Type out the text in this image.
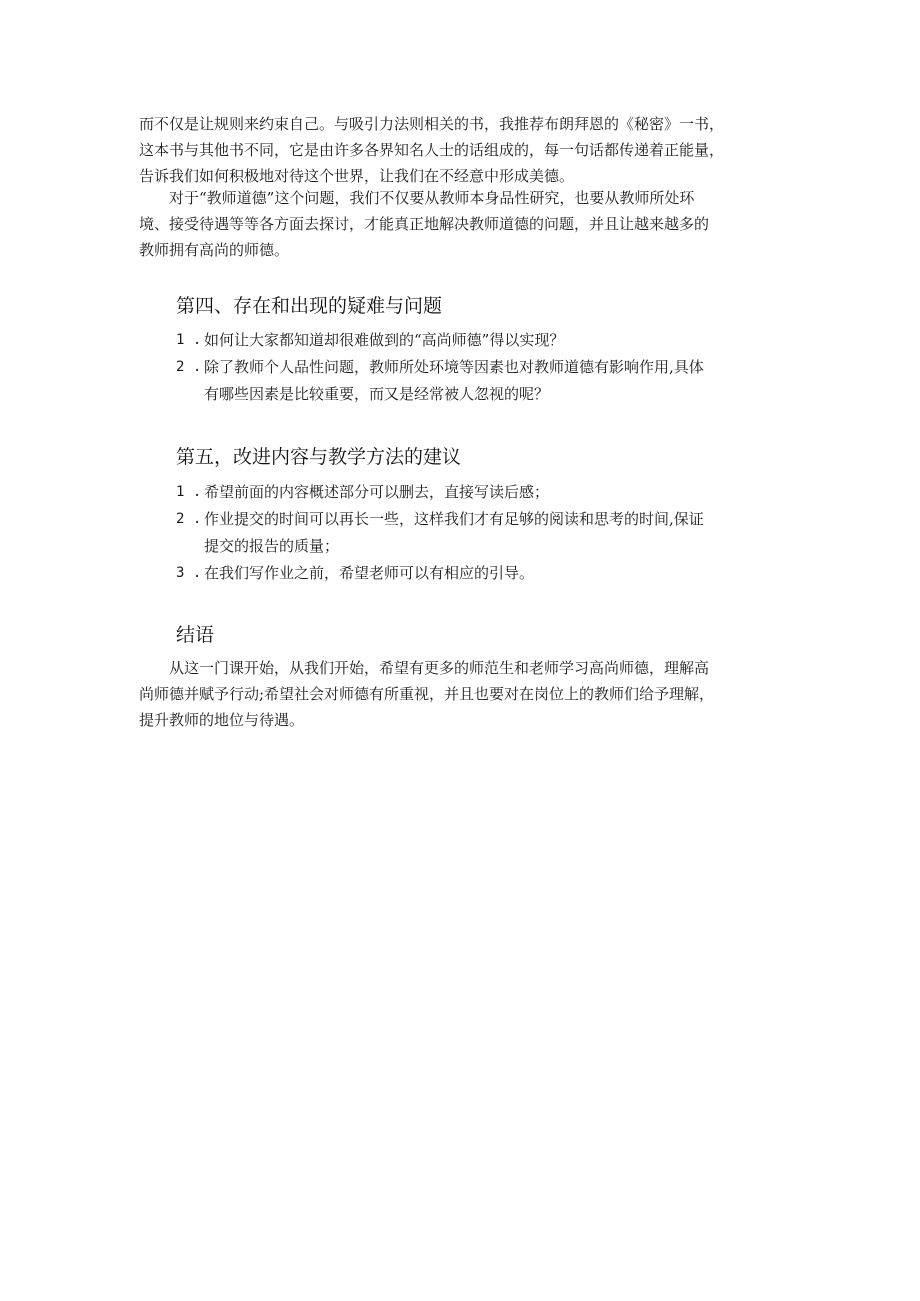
而不仅是让规则来约束自己。与吸引力法则相关的书，我推荐布朗拜恩的《秘密》一书，
这本书与其他书不同，它是由许多各界知名人士的话组成的，每一句话都传递着正能量，
告诉我们如何积极地对待这个世界，让我们在不经意中形成美德。
对于“教师道德”这个问题，我们不仅要从教师本身品性研究，也要从教师所处环
境、接受待遇等等各方面去探讨，才能真正地解决教师道德的问题，并且让越来越多的
教师拥有高尚的师德。
第四、存在和出现的疑难与问题
1 . 如何让大家都知道却很难做到的“高尚师德”得以实现？
2 . 除了教师个人品性问题，教师所处环境等因素也对教师道德有影响作用,具体
有哪些因素是比较重要，而又是经常被人忽视的呢？
第五，改进内容与教学方法的建议
1 . 希望前面的内容概述部分可以删去，直接写读后感；
2 . 作业提交的时间可以再长一些，这样我们才有足够的阅读和思考的时间,保证
提交的报告的质量；
3 . 在我们写作业之前，希望老师可以有相应的引导。
结语
从这一门课开始，从我们开始，希望有更多的师范生和老师学习高尚师德，理解高
尚师德并赋予行动;希望社会对师德有所重视，并且也要对在岗位上的教师们给予理解，
提升教师的地位与待遇。
